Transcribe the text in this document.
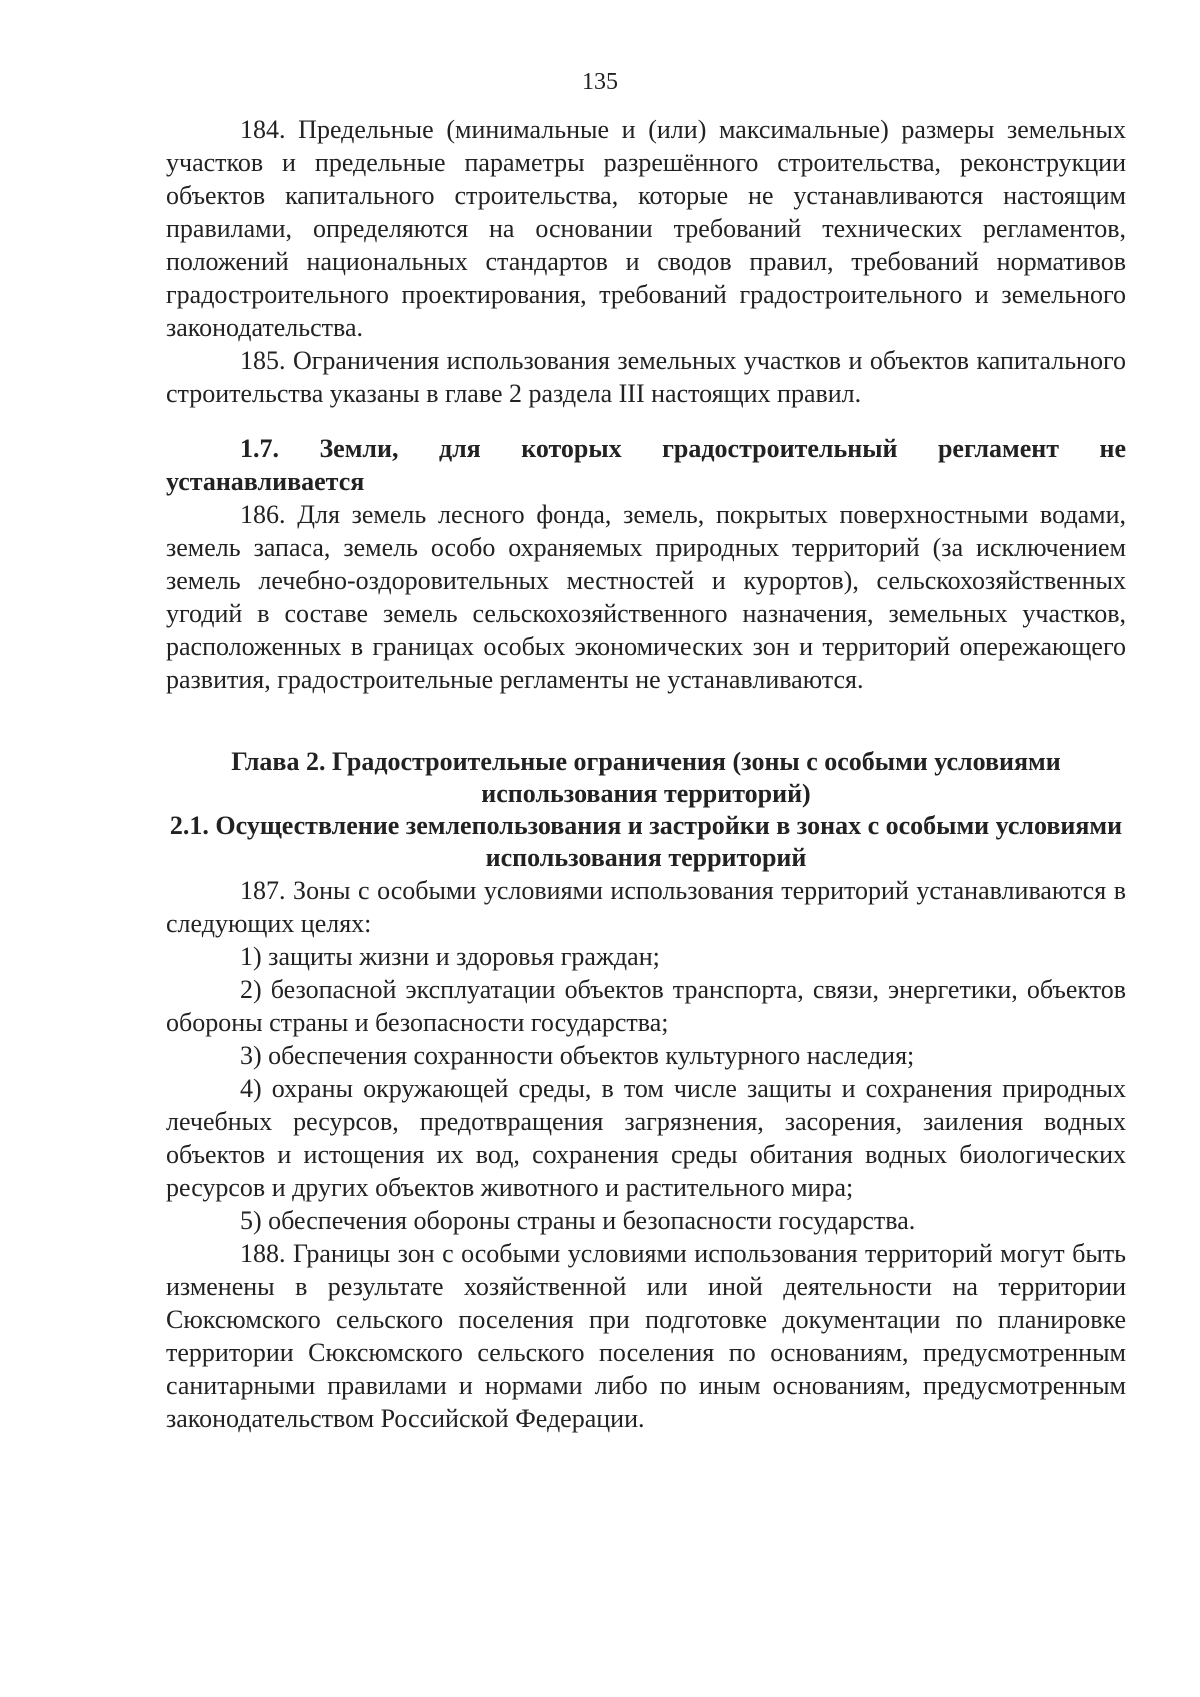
135

184. Предельные (минимальные и (или) максимальные) размеры земельных участков и предельные параметры разрешённого строительства, реконструкции объектов капитального строительства, которые не устанавливаются настоящим правилами, определяются на основании требований технических регламентов, положений национальных стандартов и сводов правил, требований нормативов градостроительного проектирования, требований градостроительного и земельного законодательства.

185. Ограничения использования земельных участков и объектов капитального строительства указаны в главе 2 раздела III настоящих правил.

1.7. Земли, для которых градостроительный регламент не устанавливается

186. Для земель лесного фонда, земель, покрытых поверхностными водами, земель запаса, земель особо охраняемых природных территорий (за исключением земель лечебно-оздоровительных местностей и курортов), сельскохозяйственных угодий в составе земель сельскохозяйственного назначения, земельных участков, расположенных в границах особых экономических зон и территорий опережающего развития, градостроительные регламенты не устанавливаются.

Глава 2. Градостроительные ограничения (зоны с особыми условиями использования территорий)
2.1. Осуществление землепользования и застройки в зонах с особыми условиями использования территорий

187. Зоны с особыми условиями использования территорий устанавливаются в следующих целях:

1) защиты жизни и здоровья граждан;

2) безопасной эксплуатации объектов транспорта, связи, энергетики, объектов обороны страны и безопасности государства;

3) обеспечения сохранности объектов культурного наследия;

4) охраны окружающей среды, в том числе защиты и сохранения природных лечебных ресурсов, предотвращения загрязнения, засорения, заиления водных объектов и истощения их вод, сохранения среды обитания водных биологических ресурсов и других объектов животного и растительного мира;

5) обеспечения обороны страны и безопасности государства.

188. Границы зон с особыми условиями использования территорий могут быть изменены в результате хозяйственной или иной деятельности на территории Сюксюмского сельского поселения при подготовке документации по планировке территории Сюксюмского сельского поселения по основаниям, предусмотренным санитарными правилами и нормами либо по иным основаниям, предусмотренным законодательством Российской Федерации.
